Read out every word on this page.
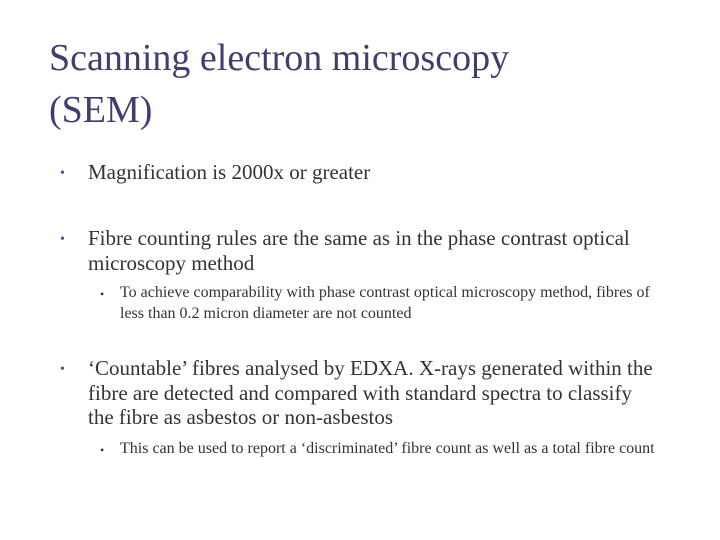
Scanning electron microscopy
(SEM)
• Magnification is 2000x or greater
• Fibre counting rules are the same as in the phase contrast optical microscopy method
• To achieve comparability with phase contrast optical microscopy method, fibres of less than 0.2 micron diameter are not counted
• ‘Countable’ fibres analysed by EDXA. X-rays generated within the fibre are detected and compared with standard spectra to classify the fibre as asbestos or non-asbestos
• This can be used to report a ‘discriminated’ fibre count as well as a total fibre count
